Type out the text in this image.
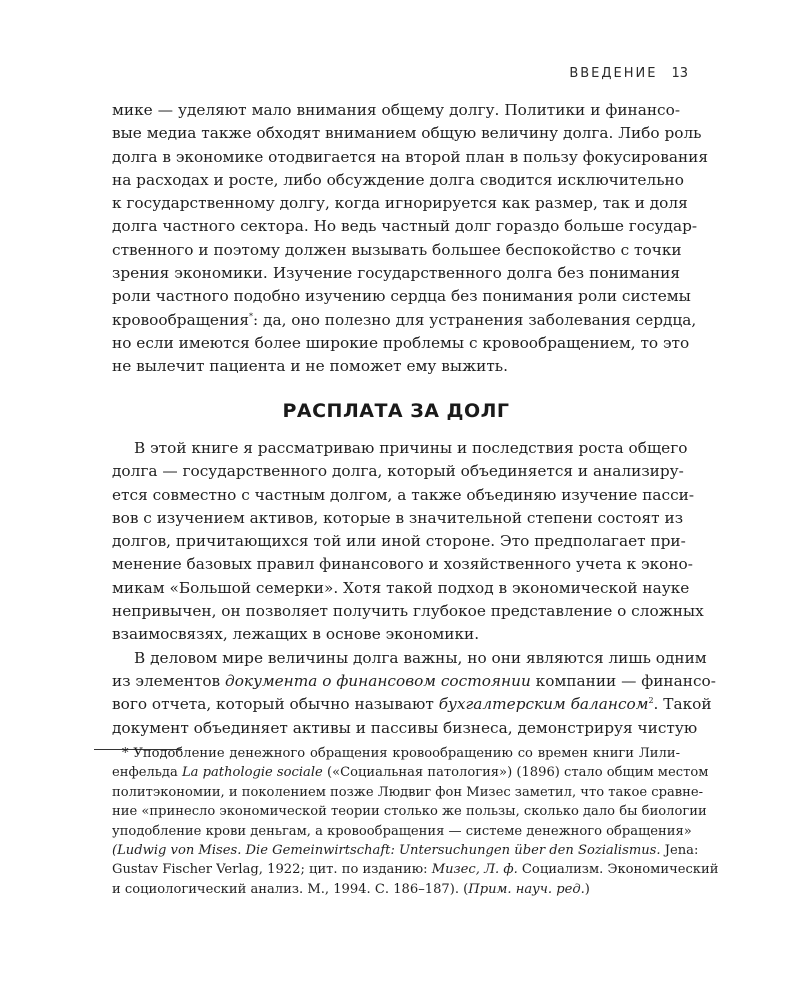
ВВЕДЕНИЕ 13
мике — уделяют мало внимания общему долгу. Политики и финансо-
вые медиа также обходят вниманием общую величину долга. Либо роль
долга в экономике отодвигается на второй план в пользу фокусирования
на расходах и росте, либо обсуждение долга сводится исключительно
к государственному долгу, когда игнорируется как размер, так и доля
долга частного сектора. Но ведь частный долг гораздо больше государ-
ственного и поэтому должен вызывать большее беспокойство с точки
зрения экономики. Изучение государственного долга без понимания
роли частного подобно изучению сердца без понимания роли системы
кровообращения*: да, оно полезно для устранения заболевания сердца,
но если имеются более широкие проблемы с кровообращением, то это
не вылечит пациента и не поможет ему выжить.
РАСПЛАТА ЗА ДОЛГ
В этой книге я рассматриваю причины и последствия роста общего
долга — государственного долга, который объединяется и анализиру-
ется совместно с частным долгом, а также объединяю изучение пасси-
вов с изучением активов, которые в значительной степени состоят из
долгов, причитающихся той или иной стороне. Это предполагает при-
менение базовых правил финансового и хозяйственного учета к эконо-
микам «Большой семерки». Хотя такой подход в экономической науке
непривычен, он позволяет получить глубокое представление о сложных
взаимосвязях, лежащих в основе экономики.
В деловом мире величины долга важны, но они являются лишь одним
из элементов документа о финансовом состоянии компании — финансо-
вого отчета, который обычно называют бухгалтерским балансом$^2$. Такой
документ объединяет активы и пассивы бизнеса, демонстрируя чистую
* Уподобление денежного обращения кровообращению со времен книги Лили-
енфельда La pathologie sociale («Социальная патология») (1896) стало общим местом
политэкономии, и поколением позже Людвиг фон Мизес заметил, что такое сравне-
ние «принесло экономической теории столько же пользы, сколько дало бы биологии
уподобление крови деньгам, а кровообращения — системе денежного обращения»
(Ludwig von Mises. Die Gemeinwirtschaft: Untersuchungen über den Sozialismus. Jena:
Gustav Fischer Verlag, 1922; цит. по изданию: Мизес, Л. ф. Социализм. Экономический
и социологический анализ. М., 1994. С. 186–187). (Прим. науч. ред.)
